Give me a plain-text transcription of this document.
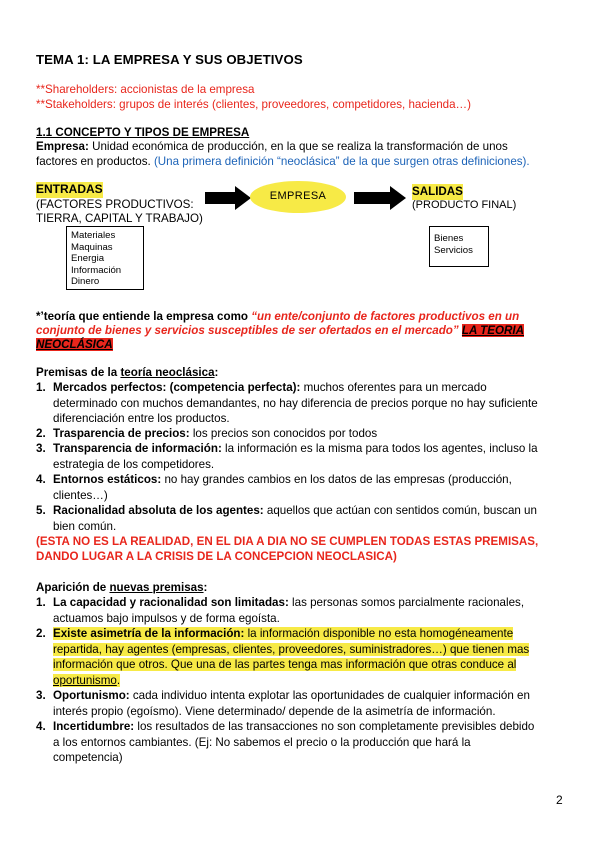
TEMA 1: LA EMPRESA Y SUS OBJETIVOS
**Shareholders: accionistas de la empresa
**Stakeholders: grupos de interés (clientes, proveedores, competidores, hacienda…)
1.1 CONCEPTO Y TIPOS DE EMPRESA
Empresa: Unidad económica de producción, en la que se realiza la transformación de unos
factores en productos. (Una primera definición “neoclásica” de la que surgen otras definiciones).
ENTRADAS
(FACTORES PRODUCTIVOS:
TIERRA, CAPITAL Y TRABAJO)
EMPRESA	SALIDAS
(PRODUCTO FINAL)
Materiales
Maquinas
Energia
Información
Dinero
Bienes
Servicios
*’teoría que entiende la empresa como “un ente/conjunto de factores productivos en un
conjunto de bienes y servicios susceptibles de ser ofertados en el mercado” LA TEORIA
NEOCLÁSICA
Premisas de la teoría neoclásica:
1. Mercados perfectos: (competencia perfecta): muchos oferentes para un mercado
determinado con muchos demandantes, no hay diferencia de precios porque no hay suficiente
diferenciación entre los productos.
2. Trasparencia de precios: los precios son conocidos por todos
3. Transparencia de información: la información es la misma para todos los agentes, incluso la
estrategia de los competidores.
4. Entornos estáticos: no hay grandes cambios en los datos de las empresas (producción,
clientes…)
5. Racionalidad absoluta de los agentes: aquellos que actúan con sentidos común, buscan un
bien común.
(ESTA NO ES LA REALIDAD, EN EL DIA A DIA NO SE CUMPLEN TODAS ESTAS PREMISAS,
DANDO LUGAR A LA CRISIS DE LA CONCEPCION NEOCLASICA)
Aparición de nuevas premisas:
1. La capacidad y racionalidad son limitadas: las personas somos parcialmente racionales,
actuamos bajo impulsos y de forma egoísta.
2. Existe asimetría de la información: la información disponible no esta homogéneamente
repartida, hay agentes (empresas, clientes, proveedores, suministradores…) que tienen mas
información que otros. Que una de las partes tenga mas información que otras conduce al
oportunismo.
3. Oportunismo: cada individuo intenta explotar las oportunidades de cualquier información en
interés propio (egoísmo). Viene determinado/ depende de la asimetría de información.
4. Incertidumbre: los resultados de las transacciones no son completamente previsibles debido
a los entornos cambiantes. (Ej: No sabemos el precio o la producción que hará la
competencia)
2
